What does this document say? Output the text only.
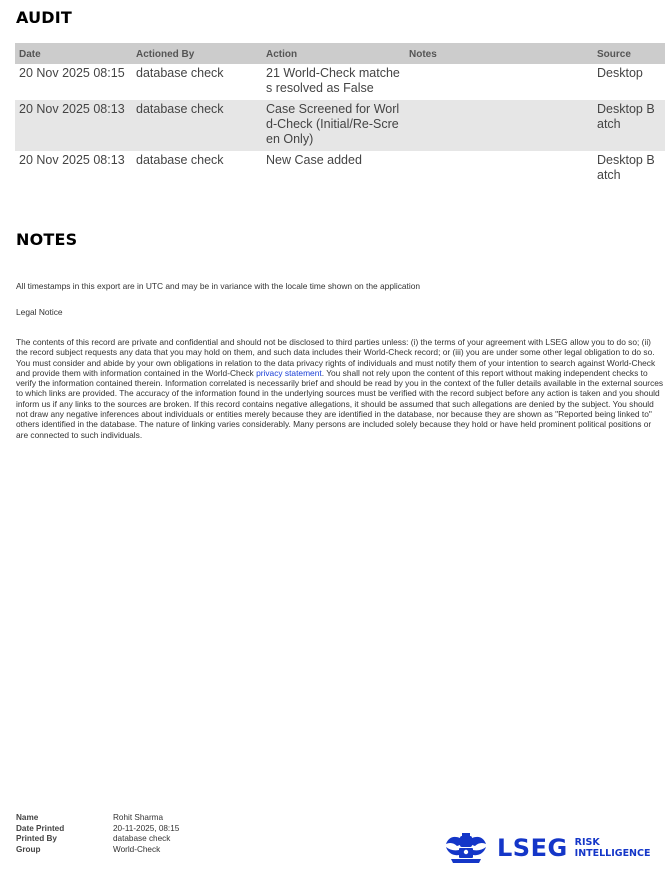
AUDIT
Date	Actioned By	Action	Notes	Source
20 Nov 2025 08:15	database check	21 World-Check matches resolved as False		Desktop
20 Nov 2025 08:13	database check	Case Screened for World-Check (Initial/Re-Screen Only)		Desktop Batch
20 Nov 2025 08:13	database check	New Case added		Desktop Batch
NOTES

All timestamps in this export are in UTC and may be in variance with the locale time shown on the application

Legal Notice

The contents of this record are private and confidential and should not be disclosed to third parties unless: (i) the terms of your agreement with LSEG allow you to do so; (ii) the record subject requests any data that you may hold on them, and such data includes their World-Check record; or (iii) you are under some other legal obligation to do so. You must consider and abide by your own obligations in relation to the data privacy rights of individuals and must notify them of your intention to search against World-Check and provide them with information contained in the World-Check privacy statement. You shall not rely upon the content of this report without making independent checks to verify the information contained therein. Information correlated is necessarily brief and should be read by you in the context of the fuller details available in the external sources to which links are provided. The accuracy of the information found in the underlying sources must be verified with the record subject before any action is taken and you should inform us if any links to the sources are broken. If this record contains negative allegations, it should be assumed that such allegations are denied by the subject. You should not draw any negative inferences about individuals or entities merely because they are identified in the database, nor because they are shown as "Reported being linked to" others identified in the database. The nature of linking varies considerably. Many persons are included solely because they hold or have held prominent political positions or are connected to such individuals.

Name	Rohit Sharma
Date Printed	20-11-2025, 08:15
Printed By	database check
Group	World-Check	LSEG RISK
INTELLIGENCE
